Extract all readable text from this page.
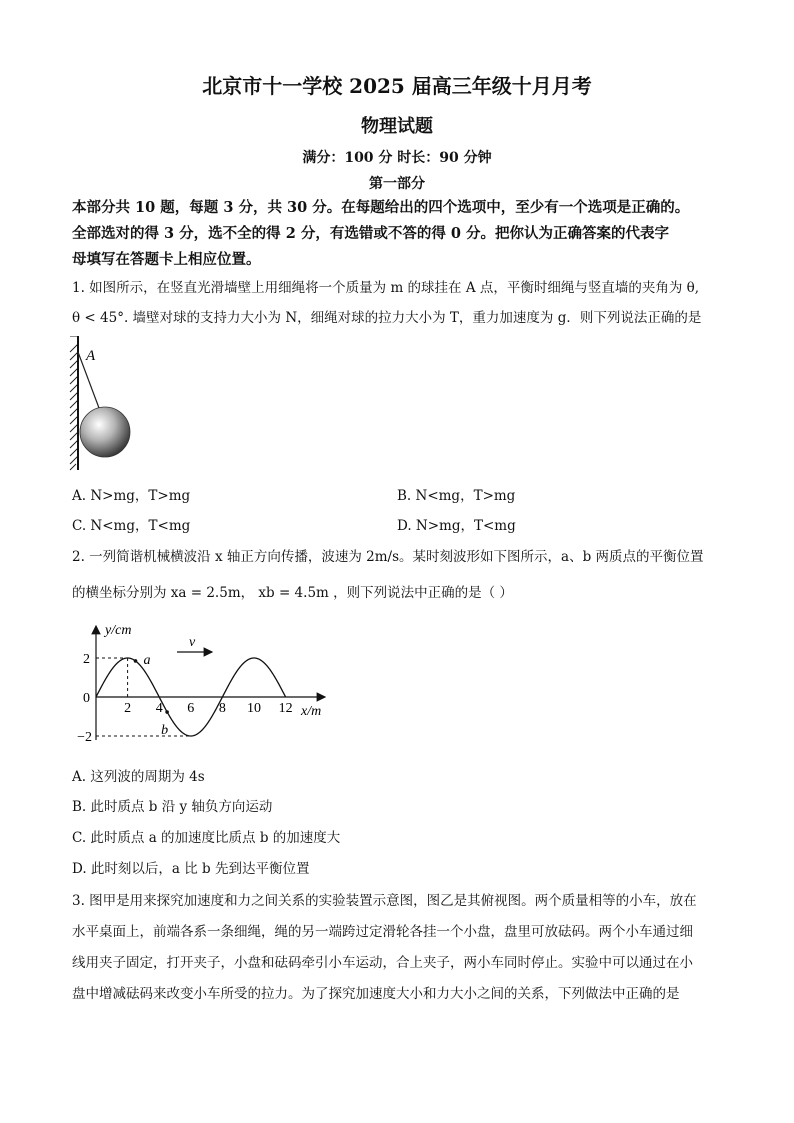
北京市十一学校 2025 届高三年级十月月考
物理试题
满分：100 分 时长：90 分钟
第一部分
本部分共 10 题，每题 3 分，共 30 分。在每题给出的四个选项中，至少有一个选项是正确的。
全部选对的得 3 分，选不全的得 2 分，有选错或不答的得 0 分。把你认为正确答案的代表字
母填写在答题卡上相应位置。
1. 如图所示，在竖直光滑墙壁上用细绳将一个质量为 m 的球挂在 A 点，平衡时细绳与竖直墙的夹角为 θ,
θ < 45°. 墙壁对球的支持力大小为 N，细绳对球的拉力大小为 T，重力加速度为 g．则下列说法正确的是
A
A. N>mg，T>mg	B. N<mg，T>mg
C. N<mg，T<mg	D. N>mg，T<mg
2. 一列简谐机械横波沿 x 轴正方向传播，波速为 2m/s。某时刻波形如下图所示，a、b 两质点的平衡位置
的横坐标分别为 xa = 2.5m， xb = 4.5m ，则下列说法中正确的是（ ）
y/cm
x/m
2 4 6 8 10 12
2
0
−2
a
b
v
A. 这列波的周期为 4s
B. 此时质点 b 沿 y 轴负方向运动
C. 此时质点 a 的加速度比质点 b 的加速度大
D. 此时刻以后，a 比 b 先到达平衡位置
3. 图甲是用来探究加速度和力之间关系的实验装置示意图，图乙是其俯视图。两个质量相等的小车，放在
水平桌面上，前端各系一条细绳，绳的另一端跨过定滑轮各挂一个小盘，盘里可放砝码。两个小车通过细
线用夹子固定，打开夹子，小盘和砝码牵引小车运动，合上夹子，两小车同时停止。实验中可以通过在小
盘中增减砝码来改变小车所受的拉力。为了探究加速度大小和力大小之间的关系，下列做法中正确的是
